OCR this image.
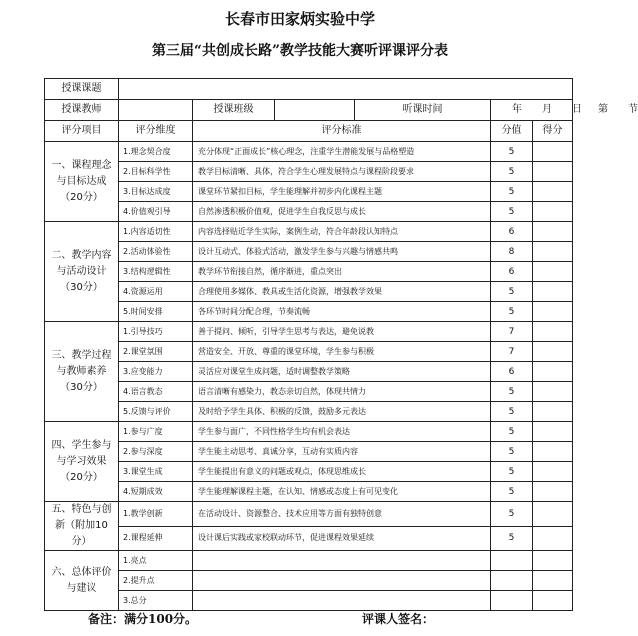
长春市田家炳实验中学
第三届“共创成长路”教学技能大赛听评课评分表
授课课题						
授课教师		授课班级		听课时间	年 月 日 第 节	
评分项目	评分维度	评分标准			分值	得分
一、课程理念与目标达成（20分）	1.理念契合度	充分体现“正面成长”核心理念，注重学生潜能发展与品格塑造			5	
	2.目标科学性	教学目标清晰、具体，符合学生心理发展特点与课程阶段要求			5	
	3.目标达成度	课堂环节紧扣目标，学生能理解并初步内化课程主题			5	
	4.价值观引导	自然渗透积极价值观，促进学生自我反思与成长			5	
二、教学内容与活动设计（30分）	1.内容适切性	内容选择贴近学生实际，案例生动，符合年龄段认知特点			6	
	2.活动体验性	设计互动式、体验式活动，激发学生参与兴趣与情感共鸣			8	
	3.结构逻辑性	教学环节衔接自然，循序渐进，重点突出			6	
	4.资源运用	合理使用多媒体、教具或生活化资源，增强教学效果			5	
	5.时间安排	各环节时间分配合理，节奏流畅			5	
三、教学过程与教师素养（30分）	1.引导技巧	善于提问、倾听，引导学生思考与表达，避免说教			7	
	2.课堂氛围	营造安全、开放、尊重的课堂环境，学生参与积极			7	
	3.应变能力	灵活应对课堂生成问题，适时调整教学策略			6	
	4.语言教态	语言清晰有感染力，教态亲切自然，体现共情力			5	
	5.反馈与评价	及时给予学生具体、积极的反馈，鼓励多元表达			5	
四、学生参与与学习效果（20分）	1.参与广度	学生参与面广，不同性格学生均有机会表达			5	
	2.参与深度	学生能主动思考、真诚分享，互动有实质内容			5	
	3.课堂生成	学生能提出有意义的问题或观点，体现思维成长			5	
	4.短期成效	学生能理解课程主题，在认知、情感或态度上有可见变化			5	
五、特色与创新（附加10分）	1.教学创新	在活动设计、资源整合、技术应用等方面有独特创意			5	
	2.课程延伸	设计课后实践或家校联动环节，促进课程效果延续			5	
六、总体评价与建议	1.亮点					
	2.提升点					
	3.总分					
备注：满分100分。	评课人签名：
